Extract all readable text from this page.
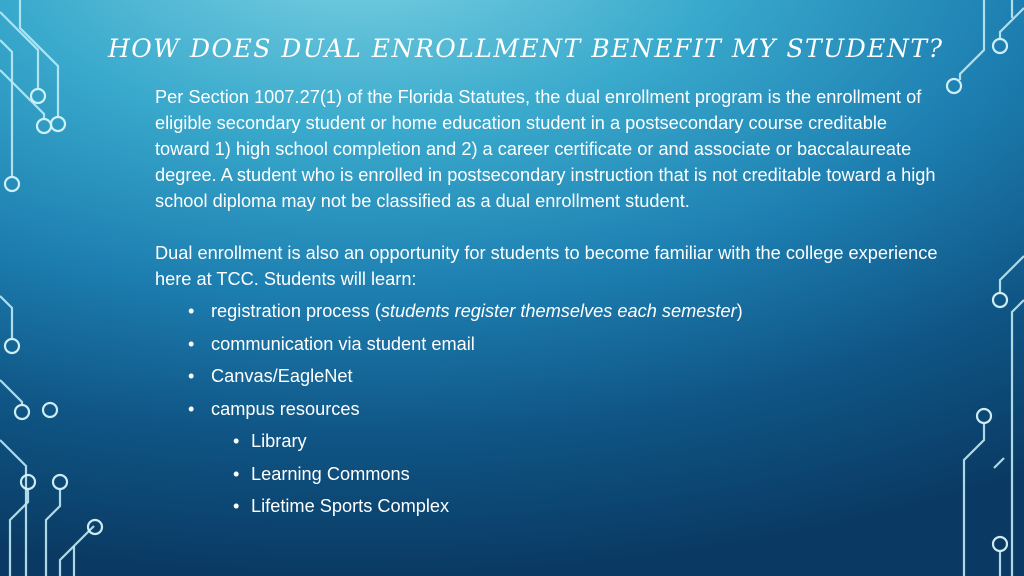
HOW DOES DUAL ENROLLMENT BENEFIT MY STUDENT?

Per Section 1007.27(1) of the Florida Statutes, the dual enrollment program is the enrollment of eligible secondary student or home education student in a postsecondary course creditable toward 1) high school completion and 2) a career certificate or and associate or baccalaureate degree. A student who is enrolled in postsecondary instruction that is not creditable toward a high school diploma may not be classified as a dual enrollment student.

Dual enrollment is also an opportunity for students to become familiar with the college experience here at TCC. Students will learn:

• registration process (students register themselves each semester)
• communication via student email
• Canvas/EagleNet
• campus resources
• Library
• Learning Commons
• Lifetime Sports Complex
